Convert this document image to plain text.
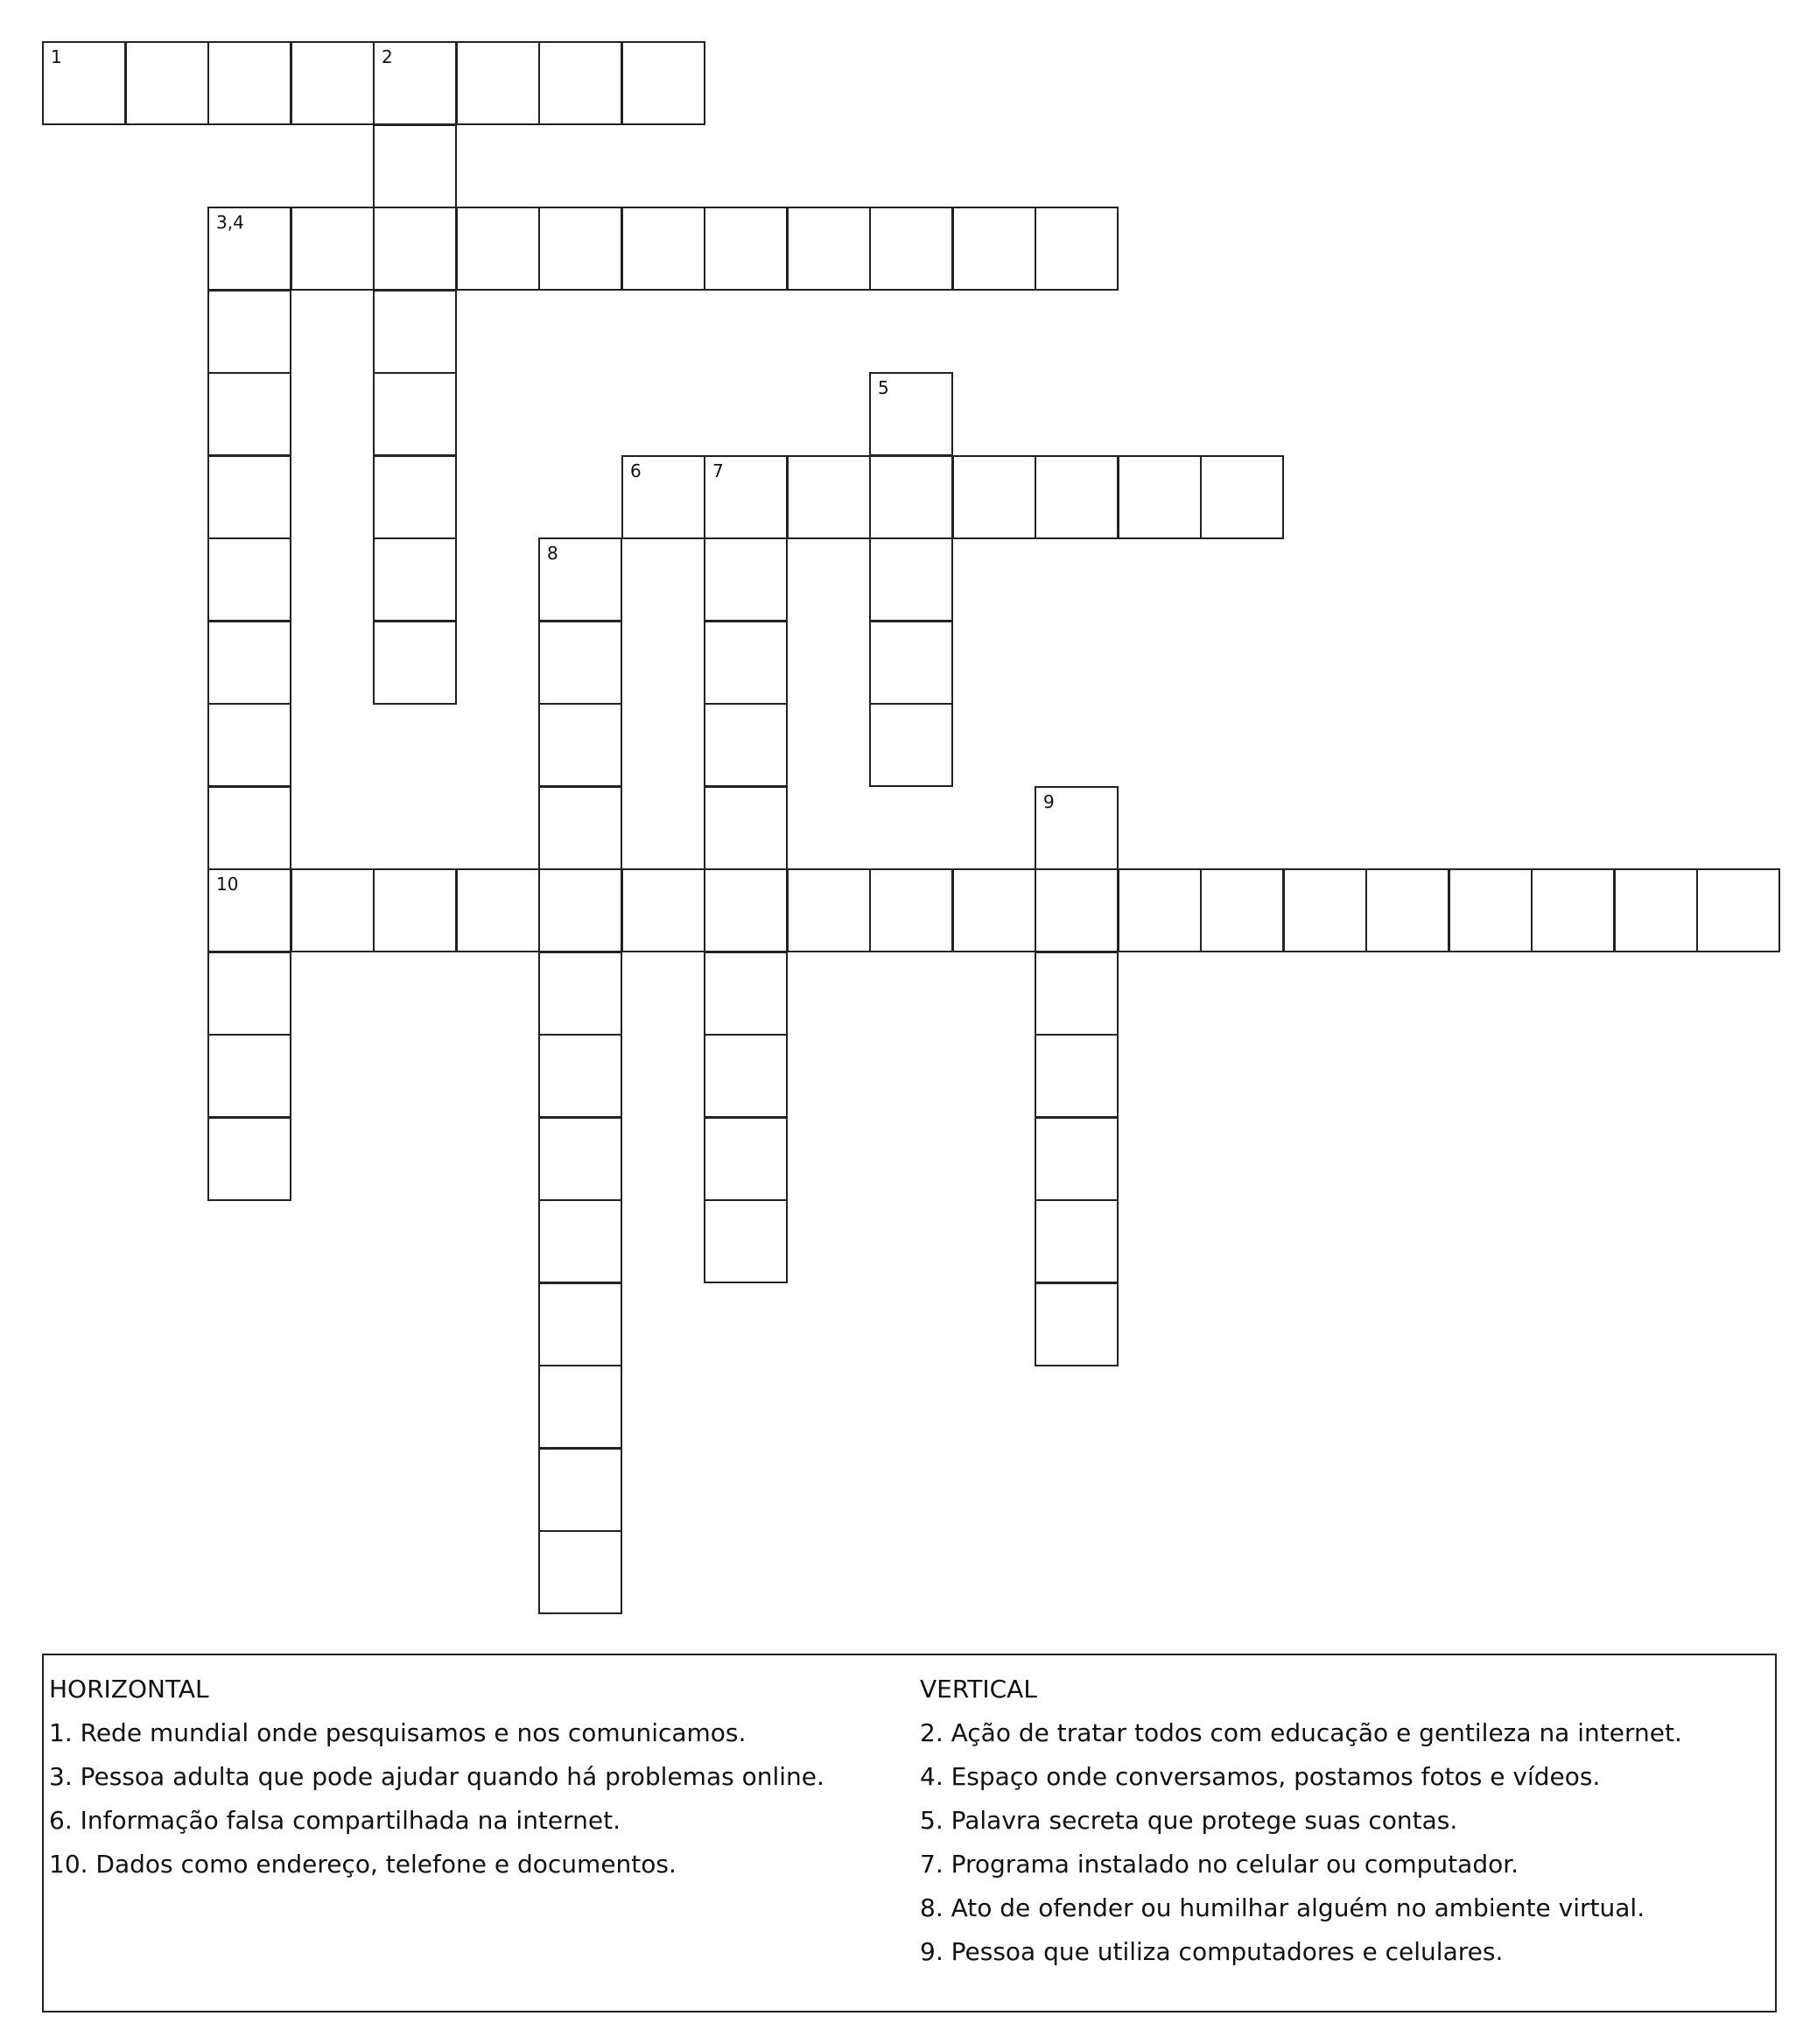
1	2
3,4
5
6	7
8
9
10
HORIZONTAL
1. Rede mundial onde pesquisamos e nos comunicamos.
3. Pessoa adulta que pode ajudar quando há problemas online.
6. Informação falsa compartilhada na internet.
10. Dados como endereço, telefone e documentos.
VERTICAL
2. Ação de tratar todos com educação e gentileza na internet.
4. Espaço onde conversamos, postamos fotos e vídeos.
5. Palavra secreta que protege suas contas.
7. Programa instalado no celular ou computador.
8. Ato de ofender ou humilhar alguém no ambiente virtual.
9. Pessoa que utiliza computadores e celulares.
